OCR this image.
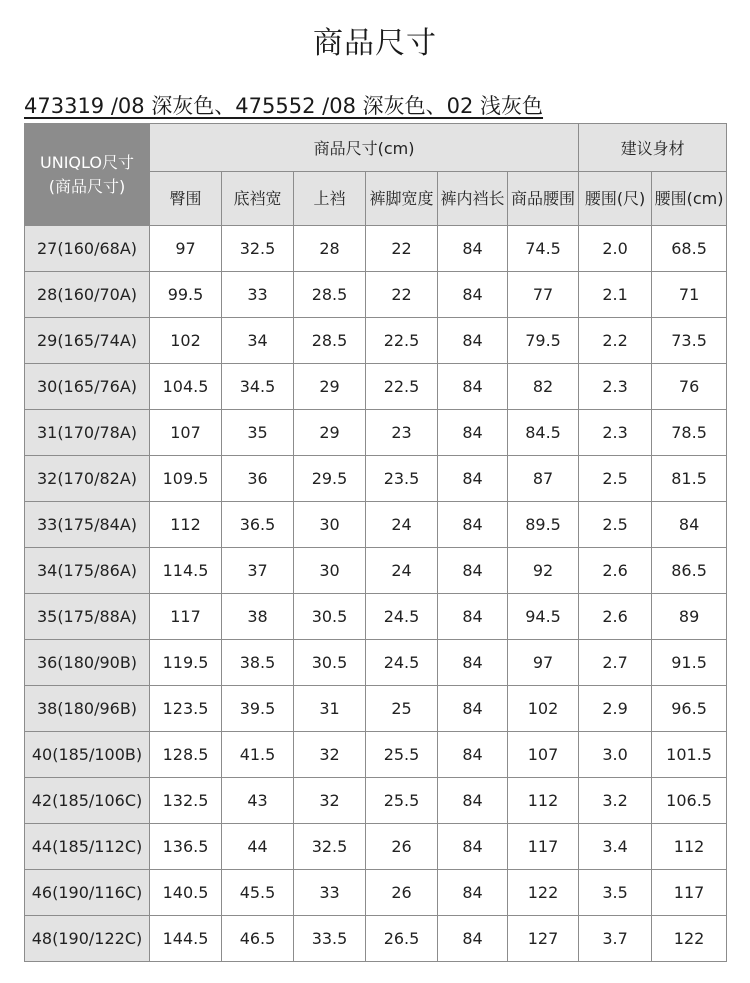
商品尺寸
473319 /08 深灰色、475552 /08 深灰色、02 浅灰色
UNIQLO尺寸
(商品尺寸)	商品尺寸(cm)						建议身材	
	臀围	底裆宽	上裆	裤脚宽度	裤内裆长	商品腰围	腰围(尺)	腰围(cm)
27(160/68A)	97	32.5	28	22	84	74.5	2.0	68.5
28(160/70A)	99.5	33	28.5	22	84	77	2.1	71
29(165/74A)	102	34	28.5	22.5	84	79.5	2.2	73.5
30(165/76A)	104.5	34.5	29	22.5	84	82	2.3	76
31(170/78A)	107	35	29	23	84	84.5	2.3	78.5
32(170/82A)	109.5	36	29.5	23.5	84	87	2.5	81.5
33(175/84A)	112	36.5	30	24	84	89.5	2.5	84
34(175/86A)	114.5	37	30	24	84	92	2.6	86.5
35(175/88A)	117	38	30.5	24.5	84	94.5	2.6	89
36(180/90B)	119.5	38.5	30.5	24.5	84	97	2.7	91.5
38(180/96B)	123.5	39.5	31	25	84	102	2.9	96.5
40(185/100B)	128.5	41.5	32	25.5	84	107	3.0	101.5
42(185/106C)	132.5	43	32	25.5	84	112	3.2	106.5
44(185/112C)	136.5	44	32.5	26	84	117	3.4	112
46(190/116C)	140.5	45.5	33	26	84	122	3.5	117
48(190/122C)	144.5	46.5	33.5	26.5	84	127	3.7	122
